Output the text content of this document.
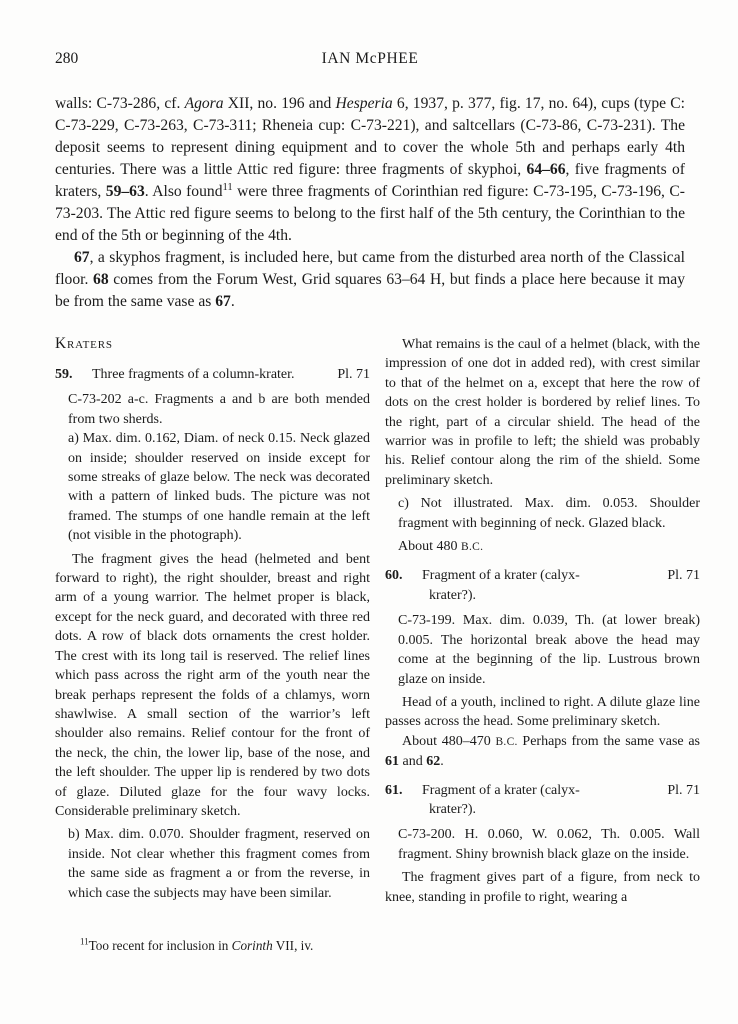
280	IAN McPHEE

walls: C-73-286, cf. Agora XII, no. 196 and Hesperia 6, 1937, p. 377, fig. 17, no. 64), cups (type C: C-73-229, C-73-263, C-73-311; Rheneia cup: C-73-221), and saltcellars (C-73-86, C-73-231). The deposit seems to represent dining equipment and to cover the whole 5th and perhaps early 4th centuries. There was a little Attic red figure: three fragments of skyphoi, 64–66, five fragments of kraters, 59–63. Also found$^{11}$ were three fragments of Corinthian red figure: C-73-195, C-73-196, C-73-203. The Attic red figure seems to belong to the first half of the 5th century, the Corinthian to the end of the 5th or beginning of the 4th.

67, a skyphos fragment, is included here, but came from the disturbed area north of the Classical floor. 68 comes from the Forum West, Grid squares 63–64 H, but finds a place here because it may be from the same vase as 67.

Kraters
59.	Three fragments of a column-krater.	Pl. 71

C-73-202 a-c. Fragments a and b are both mended from two sherds.

a) Max. dim. 0.162, Diam. of neck 0.15. Neck glazed on inside; shoulder reserved on inside except for some streaks of glaze below. The neck was decorated with a pattern of linked buds. The picture was not framed. The stumps of one handle remain at the left (not visible in the photograph).

The fragment gives the head (helmeted and bent forward to right), the right shoulder, breast and right arm of a young warrior. The helmet proper is black, except for the neck guard, and decorated with three red dots. A row of black dots ornaments the crest holder. The crest with its long tail is reserved. The relief lines which pass across the right arm of the youth near the break perhaps represent the folds of a chlamys, worn shawlwise. A small section of the warrior’s left shoulder also remains. Relief contour for the front of the neck, the chin, the lower lip, base of the nose, and the left shoulder. The upper lip is rendered by two dots of glaze. Diluted glaze for the four wavy locks. Considerable preliminary sketch.

b) Max. dim. 0.070. Shoulder fragment, reserved on inside. Not clear whether this fragment comes from the same side as fragment a or from the reverse, in which case the subjects may have been similar.

$^{11}$Too recent for inclusion in Corinth VII, iv.

What remains is the caul of a helmet (black, with the impression of one dot in added red), with crest similar to that of the helmet on a, except that here the row of dots on the crest holder is bordered by relief lines. To the right, part of a circular shield. The head of the warrior was in profile to left; the shield was probably his. Relief contour along the rim of the shield. Some preliminary sketch.

c) Not illustrated. Max. dim. 0.053. Shoulder fragment with beginning of neck. Glazed black.

About 480 B.C.

60.	Fragment of a krater (calyx-	Pl. 71
krater?).

C-73-199. Max. dim. 0.039, Th. (at lower break) 0.005. The horizontal break above the head may come at the beginning of the lip. Lustrous brown glaze on inside.

Head of a youth, inclined to right. A dilute glaze line passes across the head. Some preliminary sketch.

About 480–470 B.C. Perhaps from the same vase as 61 and 62.

61.	Fragment of a krater (calyx-	Pl. 71
krater?).

C-73-200. H. 0.060, W. 0.062, Th. 0.005. Wall fragment. Shiny brownish black glaze on the inside.

The fragment gives part of a figure, from neck to knee, standing in profile to right, wearing a
